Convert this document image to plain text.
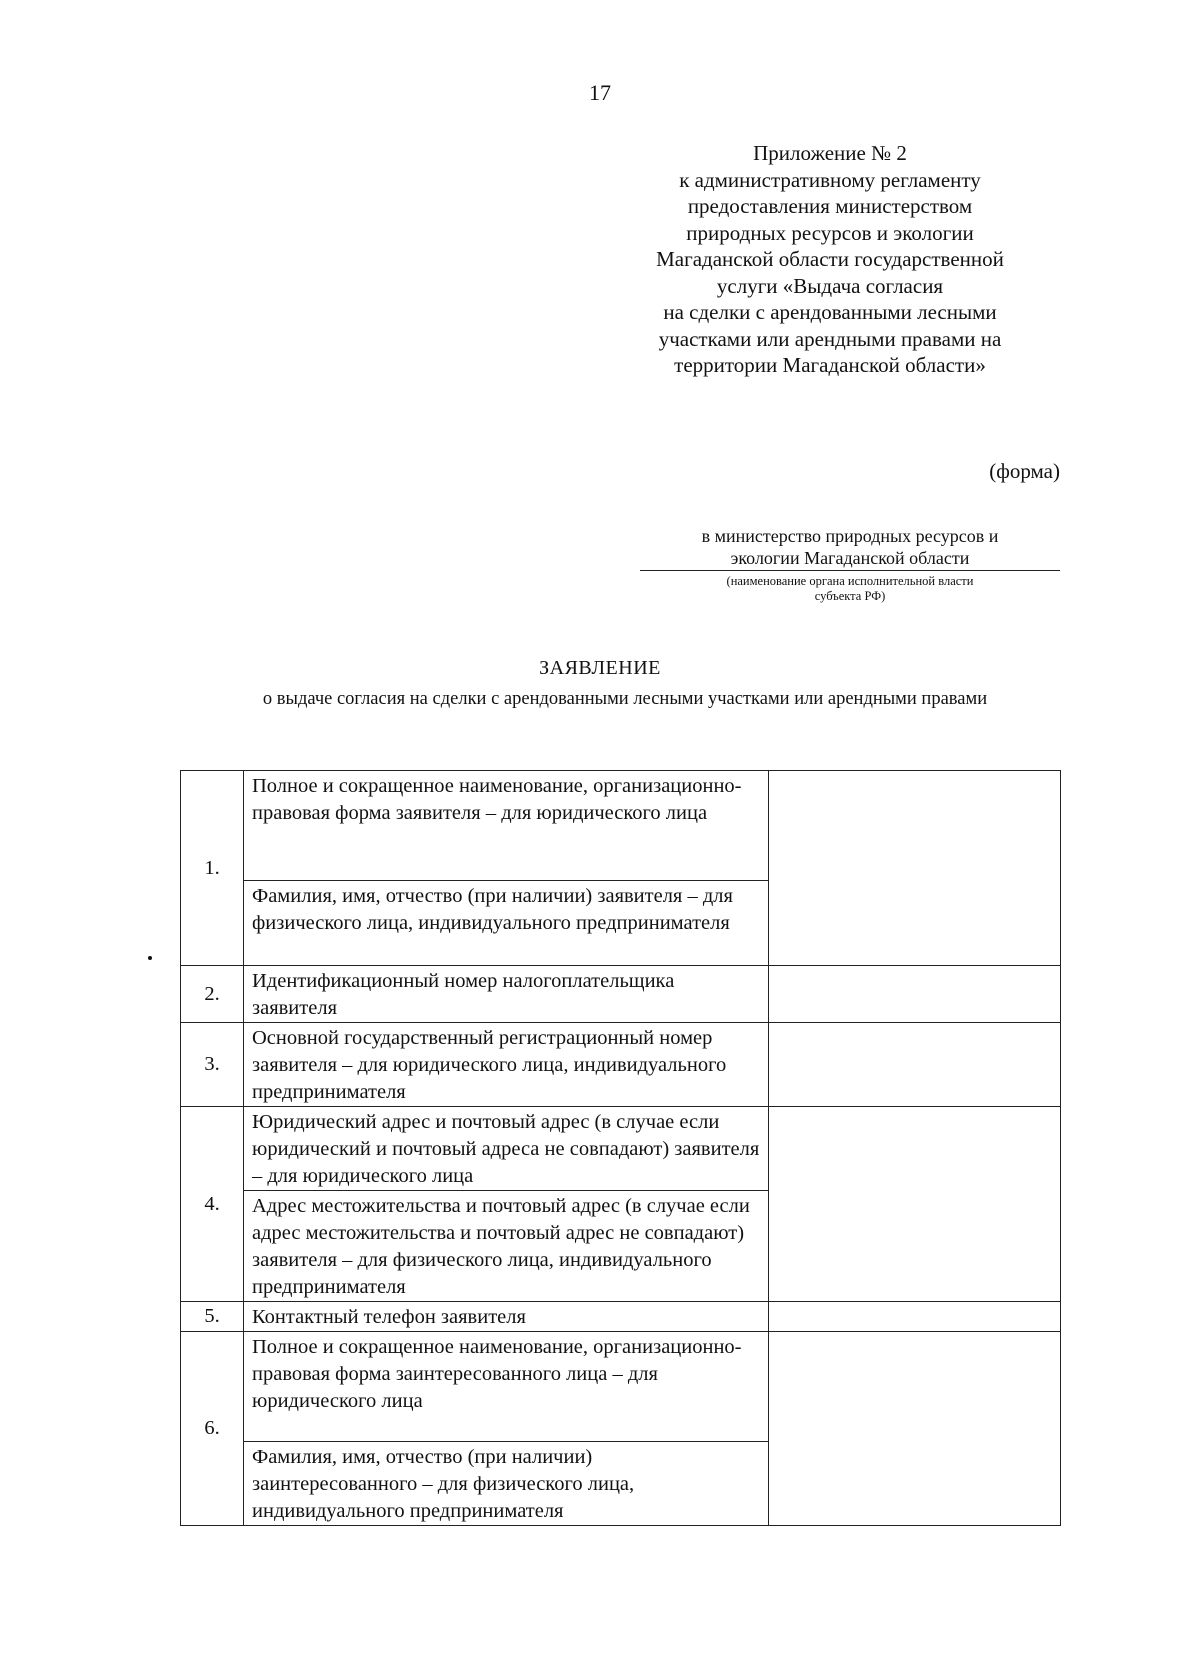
17
Приложение № 2
к административному регламенту
предоставления министерством
природных ресурсов и экологии
Магаданской области государственной
услуги «Выдача согласия
на сделки с арендованными лесными
участками или арендными правами на
территории Магаданской области»
(форма)
в министерство природных ресурсов и
экологии Магаданской области
(наименование органа исполнительной власти
субъекта РФ)
ЗАЯВЛЕНИЕ
о выдаче согласия на сделки с арендованными лесными участками или арендными правами
1.	Полное и сокращенное наименование, организационно-правовая форма заявителя – для юридического лица	
	Фамилия, имя, отчество (при наличии) заявителя – для физического лица, индивидуального предпринимателя	
2.	Идентификационный номер налогоплательщика заявителя	
3.	Основной государственный регистрационный номер заявителя – для юридического лица, индивидуального предпринимателя	
4.	Юридический адрес и почтовый адрес (в случае если юридический и почтовый адреса не совпадают) заявителя – для юридического лица	
	Адрес местожительства и почтовый адрес (в случае если адрес местожительства и почтовый адрес не совпадают) заявителя – для физического лица, индивидуального предпринимателя	
5.	Контактный телефон заявителя	
6.	Полное и сокращенное наименование, организационно-правовая форма заинтересованного лица – для юридического лица	
	Фамилия, имя, отчество (при наличии) заинтересованного – для физического лица, индивидуального предпринимателя	
